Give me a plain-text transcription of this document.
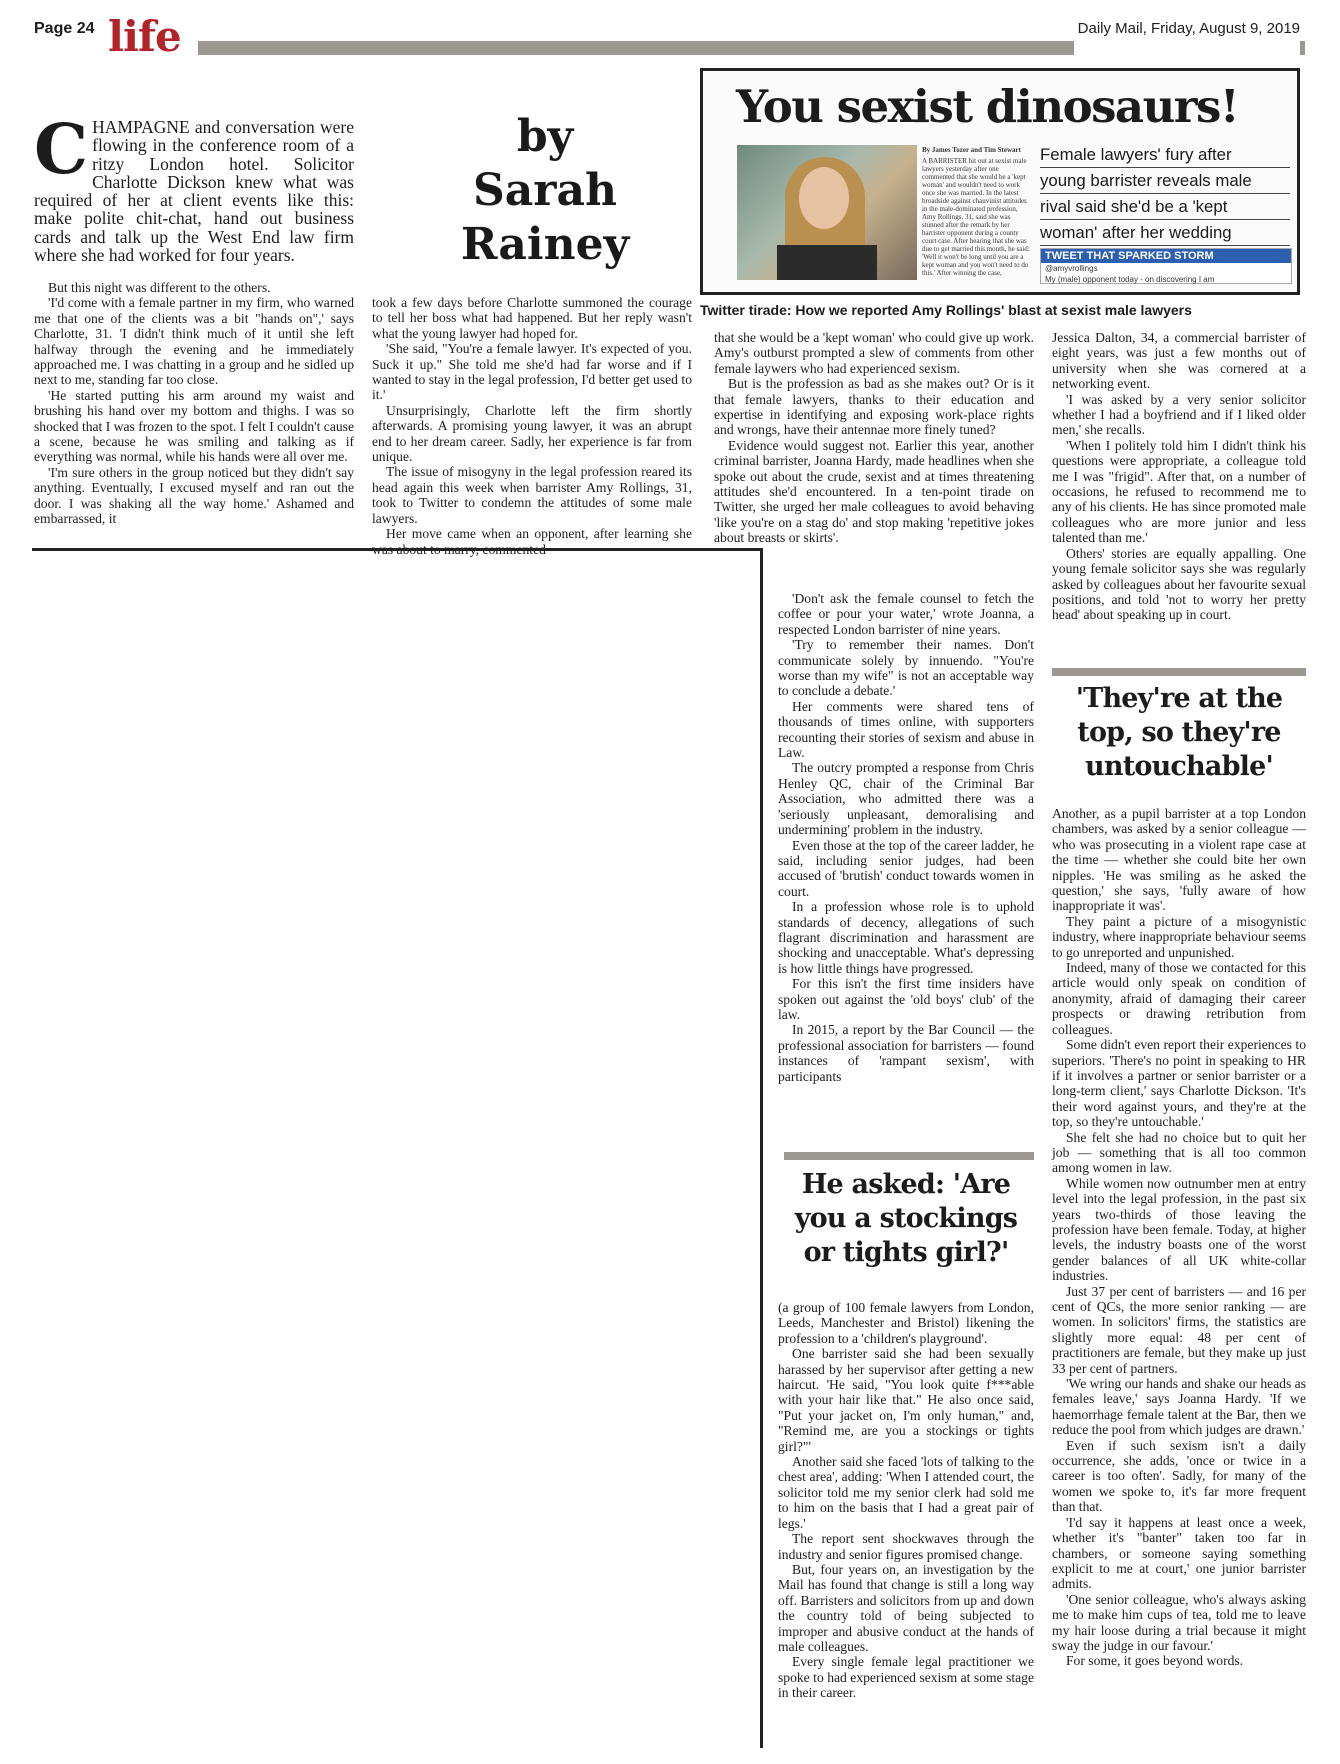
Page 24 life	Daily Mail, Friday, August 9, 2019
C HAMPAGNE and conversation were flowing in the conference room of a ritzy London hotel. Solicitor Charlotte Dickson knew what was required of her at client events like this: make polite chit-chat, hand out business cards and talk up the West End law firm where she had worked for four years.
by Sarah
Rainey
You sexist dinosaurs!
By James Tozer and Tim Stewart
A BARRISTER hit out at sexist male lawyers yesterday after one commented that she would be a 'kept woman' and wouldn't need to work once she was married. In the latest broadside against chauvinist attitudes in the male-dominated profession, Amy Rollings, 31, said she was stunned after the remark by her barrister opponent during a county court case. After hearing that she was due to get married this month, he said: 'Well it won't be long until you are a kept woman and you won't need to do this.' After winning the case,
Female lawyers' fury after
young barrister reveals male
rival said she'd be a 'kept
woman' after her wedding
TWEET THAT SPARKED STORM
@amyvrollings
My (male) opponent today - on discovering I am
Twitter tirade: How we reported Amy Rollings' blast at sexist male lawyers

But this night was different to the others.

'I'd come with a female partner in my firm, who warned me that one of the clients was a bit "hands on",' says Charlotte, 31. 'I didn't think much of it until she left halfway through the evening and he immediately approached me. I was chatting in a group and he sidled up next to me, standing far too close.

'He started putting his arm around my waist and brushing his hand over my bottom and thighs. I was so shocked that I was frozen to the spot. I felt I couldn't cause a scene, because he was smiling and talking as if everything was normal, while his hands were all over me.

'I'm sure others in the group noticed but they didn't say anything. Eventually, I excused myself and ran out the door. I was shaking all the way home.' Ashamed and embarrassed, it

took a few days before Charlotte summoned the courage to tell her boss what had happened. But her reply wasn't what the young lawyer had hoped for.

'She said, "You're a female lawyer. It's expected of you. Suck it up." She told me she'd had far worse and if I wanted to stay in the legal profession, I'd better get used to it.'

Unsurprisingly, Charlotte left the firm shortly afterwards. A promising young lawyer, it was an abrupt end to her dream career. Sadly, her experience is far from unique.

The issue of misogyny in the legal profession reared its head again this week when barrister Amy Rollings, 31, took to Twitter to condemn the attitudes of some male lawyers.

Her move came when an opponent, after learning she

that she would be a 'kept woman' who could give up work. Amy's outburst prompted a slew of comments from other female laywers who had experienced sexism.

But is the profession as bad as she makes out? Or is it that female lawyers, thanks to their education and expertise in identifying and exposing work-place rights and wrongs, have their antennae more finely tuned?

Evidence would suggest not. Earlier this year, another criminal barrister, Joanna Hardy, made headlines when she spoke out about the crude, sexist and at times threatening attitudes she'd encountered. In a ten-point tirade on Twitter, she urged her male colleagues to avoid behaving 'like you're on a stag do' and stop making 'repetitive jokes about breasts or skirts'.

'Don't ask the female counsel to fetch the coffee or pour your water,' wrote Joanna, a respected London barrister of nine years.

'Try to remember their names. Don't communicate solely by innuendo. "You're worse than my wife" is not an acceptable way to conclude a debate.'

Her comments were shared tens of thousands of times online, with supporters recounting their stories of sexism and abuse in Law.

The outcry prompted a response from Chris Henley QC, chair of the Criminal Bar Association, who admitted there was a 'seriously unpleasant, demoralising and undermining' problem in the industry.

Even those at the top of the career ladder, he said, including senior judges, had been accused of 'brutish' conduct towards women in court.

In a profession whose role is to uphold standards of decency, allegations of such flagrant discrimination and harassment are shocking and unacceptable. What's depressing is how little things have progressed.

For this isn't the first time insiders have spoken out against the 'old boys' club' of the law.

In 2015, a report by the Bar Council — the professional association for barristers — found instances of 'rampant sexism', with participants

He asked: 'Are you a stockings or tights girl?'

(a group of 100 female lawyers from London, Leeds, Manchester and Bristol) likening the profession to a 'children's playground'.

One barrister said she had been sexually harassed by her supervisor after getting a new haircut. 'He said, "You look quite f***able with your hair like that." He also once said, "Put your jacket on, I'm only human," and, "Remind me, are you a stockings or tights girl?"'

Another said she faced 'lots of talking to the chest area', adding: 'When I attended court, the solicitor told me my senior clerk had sold me to him on the basis that I had a great pair of legs.'

The report sent shockwaves through the industry and senior figures promised change.

But, four years on, an investigation by the Mail has found that change is still a long way off. Barristers and solicitors from up and down the country told of being subjected to improper and abusive conduct at the hands of male colleagues.

Every single female legal practitioner we spoke to had experienced sexism at some stage in their career.

Jessica Dalton, 34, a commercial barrister of eight years, was just a few months out of university when she was cornered at a networking event.

'I was asked by a very senior solicitor whether I had a boyfriend and if I liked older men,' she recalls.

'When I politely told him I didn't think his questions were appropriate, a colleague told me I was "frigid". After that, on a number of occasions, he refused to recommend me to any of his clients. He has since promoted male colleagues who are more junior and less talented than me.'

Others' stories are equally appalling. One young female solicitor says she was regularly asked by colleagues about her favourite sexual positions, and told 'not to worry her pretty head' about speaking up in court.

'They're at the top, so they're untouchable'

Another, as a pupil barrister at a top London chambers, was asked by a senior colleague — who was prosecuting in a violent rape case at the time — whether she could bite her own nipples. 'He was smiling as he asked the question,' she says, 'fully aware of how inappropriate it was'.

They paint a picture of a misogynistic industry, where inappropriate behaviour seems to go unreported and unpunished.

Indeed, many of those we contacted for this article would only speak on condition of anonymity, afraid of damaging their career prospects or drawing retribution from colleagues.

Some didn't even report their experiences to superiors. 'There's no point in speaking to HR if it involves a partner or senior barrister or a long-term client,' says Charlotte Dickson. 'It's their word against yours, and they're at the top, so they're untouchable.'

She felt she had no choice but to quit her job — something that is all too common among women in law.

While women now outnumber men at entry level into the legal profession, in the past six years two-thirds of those leaving the profession have been female. Today, at higher levels, the industry boasts one of the worst gender balances of all UK white-collar industries.

Just 37 per cent of barristers — and 16 per cent of QCs, the more senior ranking — are women. In solicitors' firms, the statistics are slightly more equal: 48 per cent of practitioners are female, but they make up just 33 per cent of partners.

'We wring our hands and shake our heads as females leave,' says Joanna Hardy. 'If we haemorrhage female talent at the Bar, then we reduce the pool from which judges are drawn.'

Even if such sexism isn't a daily occurrence, she adds, 'once or twice in a career is too often'. Sadly, for many of the women we spoke to, it's far more frequent than that.

'I'd say it happens at least once a week, whether it's "banter" taken too far in chambers, or someone saying something explicit to me at court,' one junior barrister admits.

'One senior colleague, who's always asking me to make him cups of tea, told me to leave my hair loose during a trial because it might sway the judge in our favour.'

For some, it goes beyond words.
